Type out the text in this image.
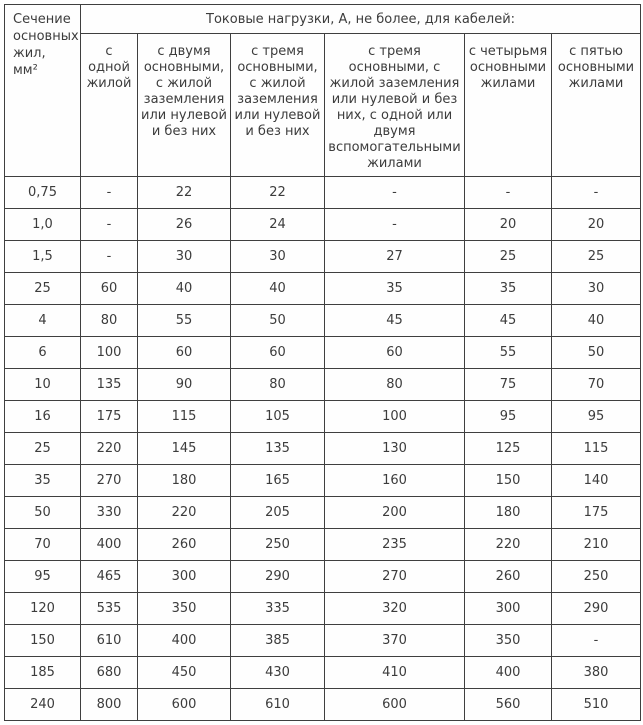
Сечение основных жил, мм²	Токовые нагрузки, А, не более, для кабелей:					
	с одной жилой	с двумя основными, с жилой заземления или нулевой и без них	с тремя основными, с жилой заземления или нулевой и без них	с тремя основными, с жилой заземления или нулевой и без них, с одной или двумя вспомогательными жилами	с четырьмя основными жилами	с пятью основными жилами
0,75	-	22	22	-	-	-
1,0	-	26	24	-	20	20
1,5	-	30	30	27	25	25
25	60	40	40	35	35	30
4	80	55	50	45	45	40
6	100	60	60	60	55	50
10	135	90	80	80	75	70
16	175	115	105	100	95	95
25	220	145	135	130	125	115
35	270	180	165	160	150	140
50	330	220	205	200	180	175
70	400	260	250	235	220	210
95	465	300	290	270	260	250
120	535	350	335	320	300	290
150	610	400	385	370	350	-
185	680	450	430	410	400	380
240	800	600	610	600	560	510
